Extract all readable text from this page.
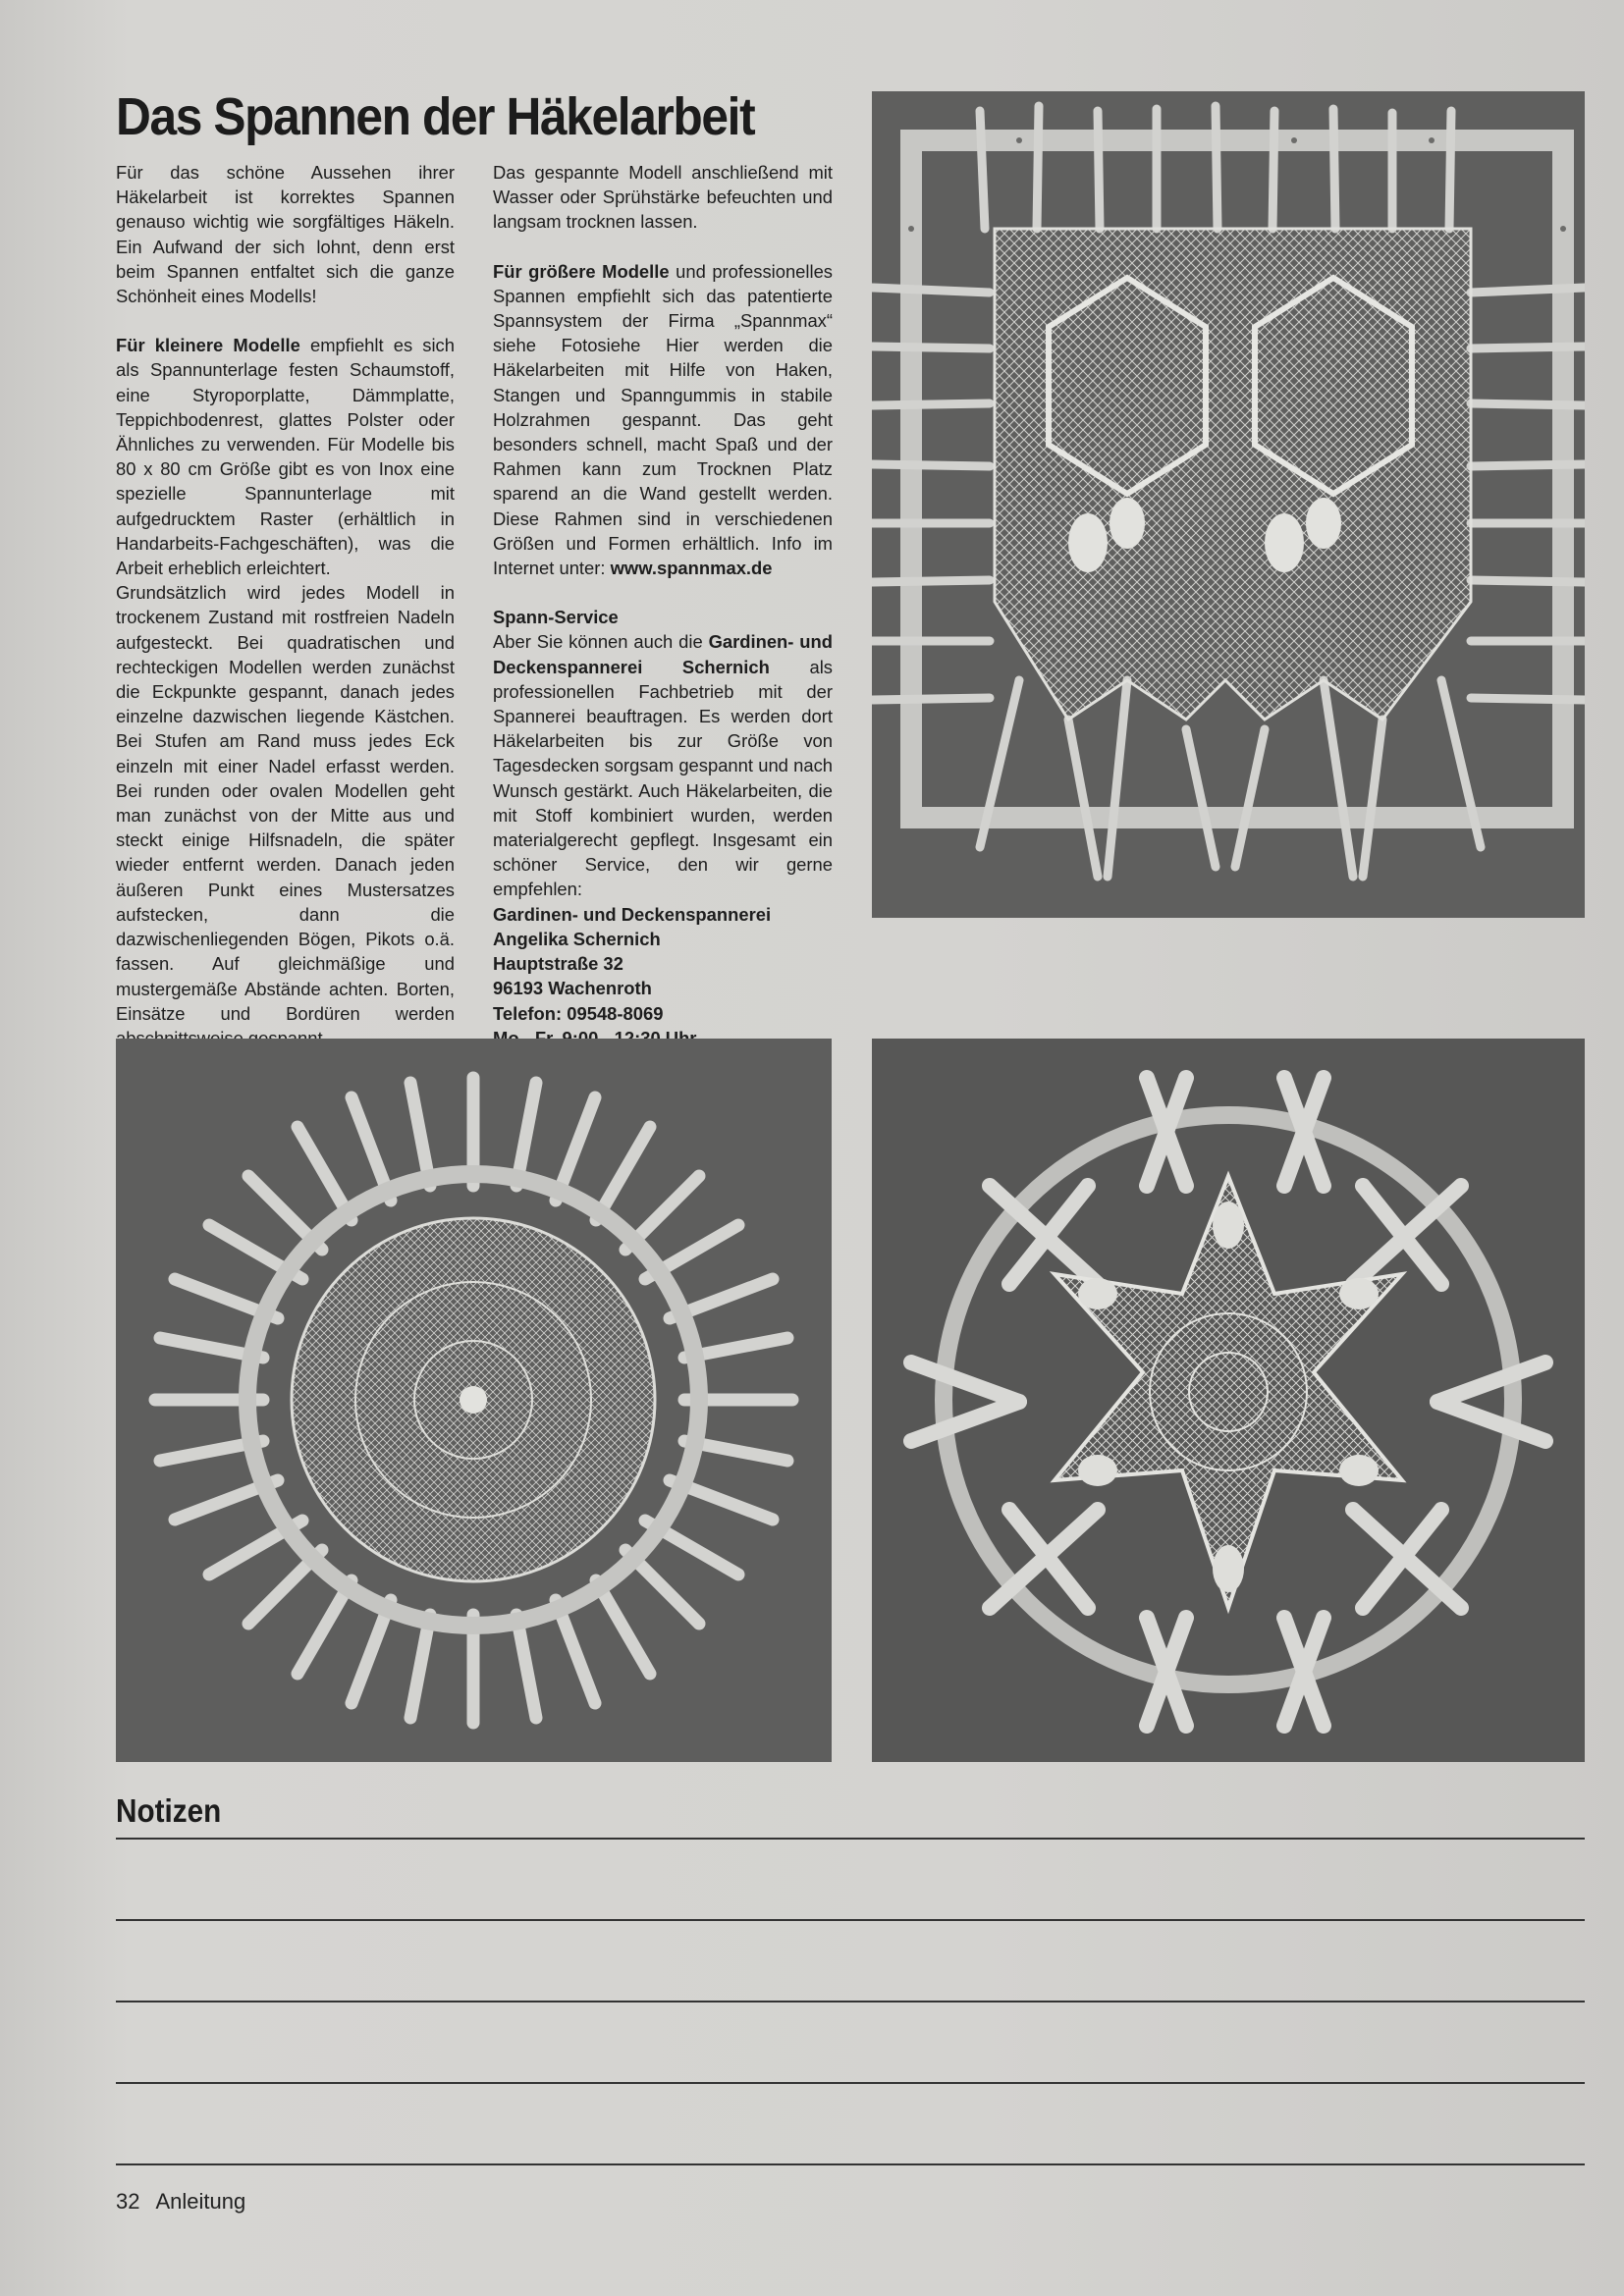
Das Spannen der Häkelarbeit

Für das schöne Aussehen ihrer Häkelarbeit ist korrektes Spannen genauso wichtig wie sorgfältiges Häkeln. Ein Aufwand der sich lohnt, denn erst beim Spannen entfaltet sich die ganze Schönheit eines Modells!

Für kleinere Modelle empfiehlt es sich als Spannunterlage festen Schaumstoff, eine Styroporplatte, Dämmplatte, Teppichbodenrest, glattes Polster oder Ähnliches zu verwenden. Für Modelle bis 80 x 80 cm Größe gibt es von Inox eine spezielle Spannunterlage mit aufgedrucktem Raster (erhältlich in Handarbeits-Fachgeschäften), was die Arbeit erheblich erleichtert.

Grundsätzlich wird jedes Modell in trockenem Zustand mit rostfreien Nadeln aufgesteckt. Bei quadratischen und rechteckigen Modellen werden zunächst die Eckpunkte gespannt, danach jedes einzelne dazwischen liegende Kästchen. Bei Stufen am Rand muss jedes Eck einzeln mit einer Nadel erfasst werden. Bei runden oder ovalen Modellen geht man zunächst von der Mitte aus und steckt einige Hilfsnadeln, die später wieder entfernt werden. Danach jeden äußeren Punkt eines Mustersatzes aufstecken, dann die dazwischenliegenden Bögen, Pikots o.ä. fassen. Auf gleichmäßige und mustergemäße Abstände achten. Borten, Einsätze und Bordüren werden

Das gespannte Modell anschließend mit Wasser oder Sprühstärke befeuchten und langsam trocknen lassen.

Für größere Modelle und professionelles Spannen empfiehlt sich das patentierte Spannsystem der Firma „Spannmax“ siehe Fotosiehe Hier werden die Häkelarbeiten mit Hilfe von Haken, Stangen und Spanngummis in stabile Holzrahmen gespannt. Das geht besonders schnell, macht Spaß und der Rahmen kann zum Trocknen Platz sparend an die Wand gestellt werden. Diese Rahmen sind in verschiedenen Größen und Formen erhältlich. Info im Internet unter: www.spannmax.de

Spann-Service
Aber Sie können auch die Gardinen- und Deckenspannerei Schernich als professionellen Fachbetrieb mit der Spannerei beauftragen. Es werden dort Häkelarbeiten bis zur Größe von Tagesdecken sorgsam gespannt und nach Wunsch gestärkt. Auch Häkelarbeiten, die mit Stoff kombiniert wurden, werden materialgerecht gepflegt. Insgesamt ein schöner Service, den wir gerne empfehlen:

Gardinen- und Deckenspannerei
Angelika Schernich
Hauptstraße 32
96193 Wachenroth
Telefon: 09548-8069
Notizen
32 Anleitung
